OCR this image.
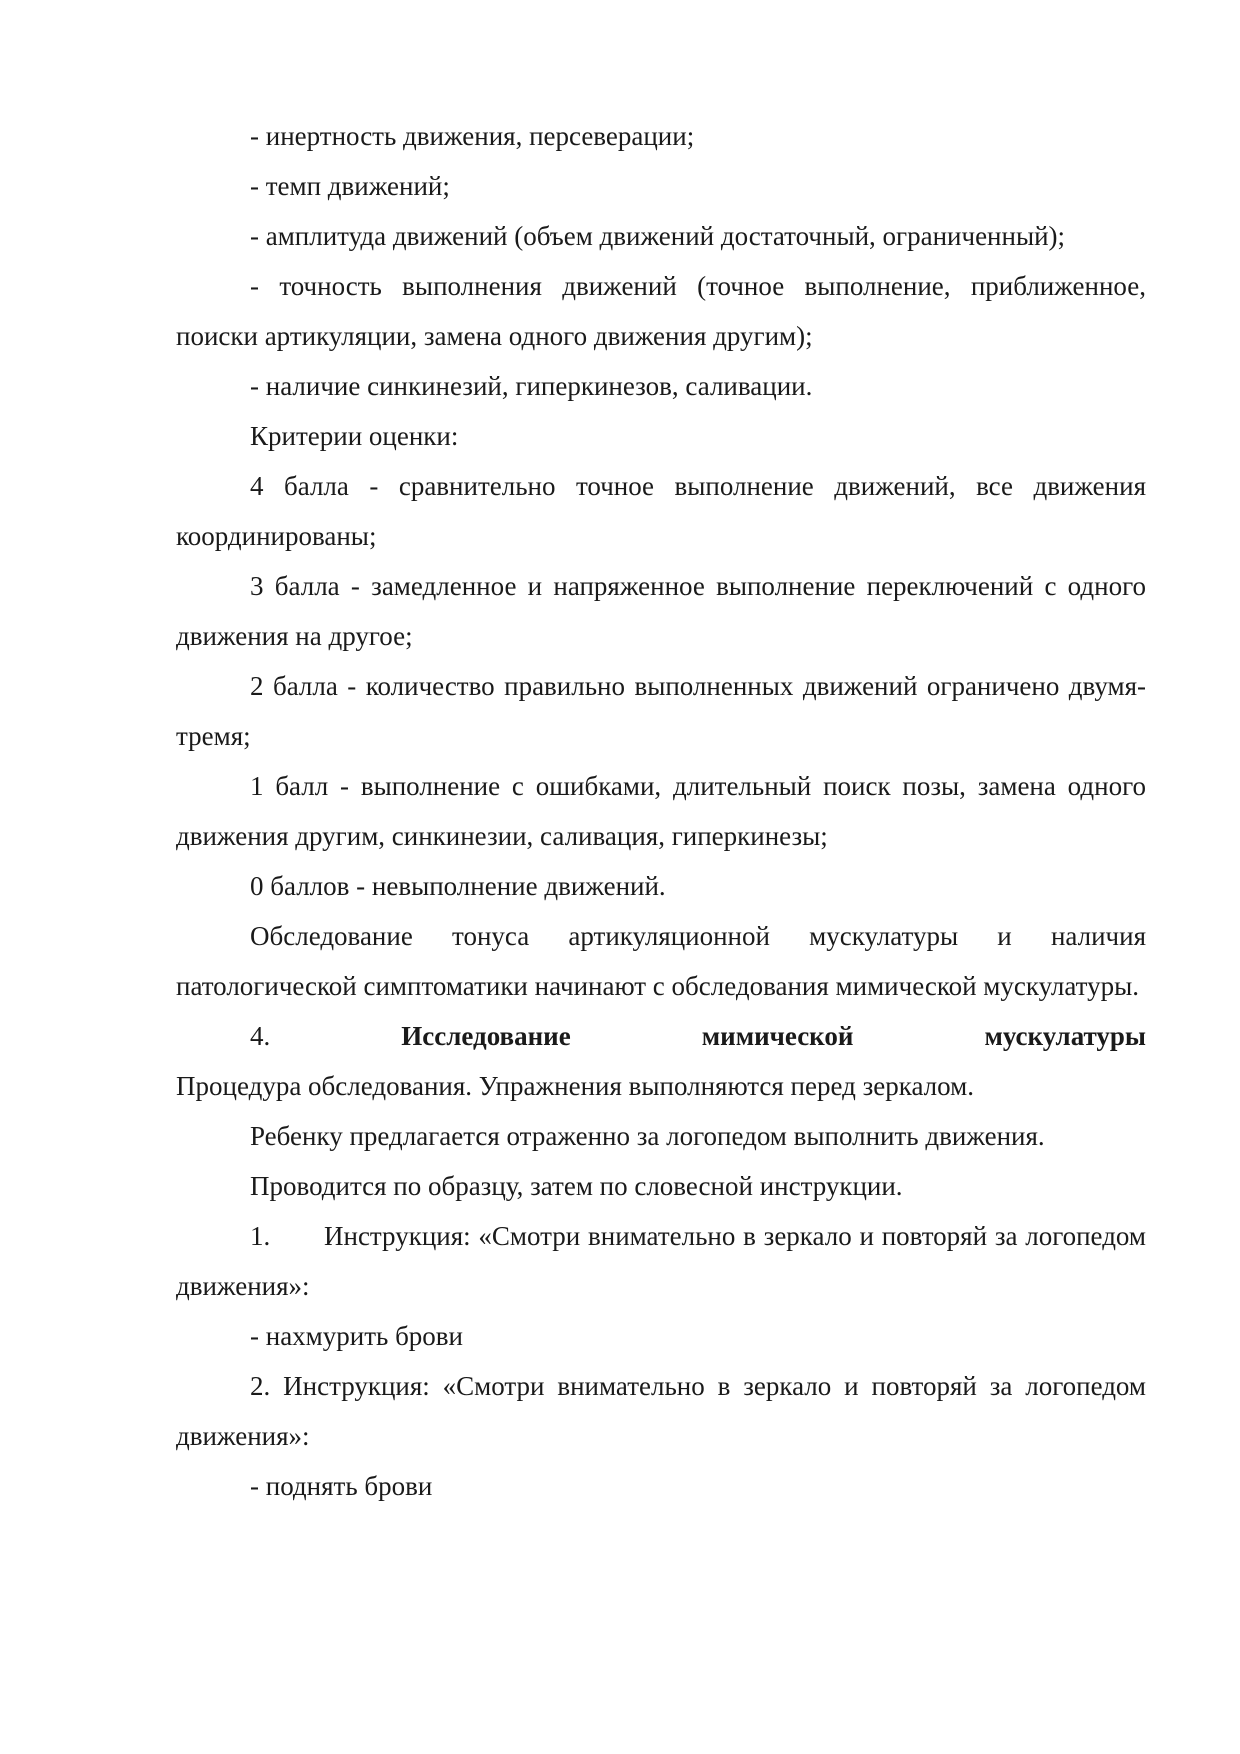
- инертность движения, персеверации;

- темп движений;

- амплитуда движений (объем движений достаточный, ограниченный);

- точность выполнения движений (точное выполнение, приближенное, поиски артикуляции, замена одного движения другим);

- наличие синкинезий, гиперкинезов, саливации.

Критерии оценки:

4 балла - сравнительно точное выполнение движений, все движения координированы;

3 балла - замедленное и напряженное выполнение переключений с одного движения на другое;

2 балла - количество правильно выполненных движений ограничено двумя-тремя;

1 балл - выполнение с ошибками, длительный поиск позы, замена одного движения другим, синкинезии, саливация, гиперкинезы;

0 баллов - невыполнение движений.

Обследование тонуса артикуляционной мускулатуры и наличия патологической симптоматики начинают с обследования мимической мускулатуры.

4.	Исследование	мимической	мускулатуры

Процедура обследования. Упражнения выполняются перед зеркалом.

Ребенку предлагается отраженно за логопедом выполнить движения.

Проводится по образцу, затем по словесной инструкции.

1. Инструкция: «Смотри внимательно в зеркало и повторяй за логопедом движения»:

- нахмурить брови

2. Инструкция: «Смотри внимательно в зеркало и повторяй за логопедом движения»:

- поднять брови
